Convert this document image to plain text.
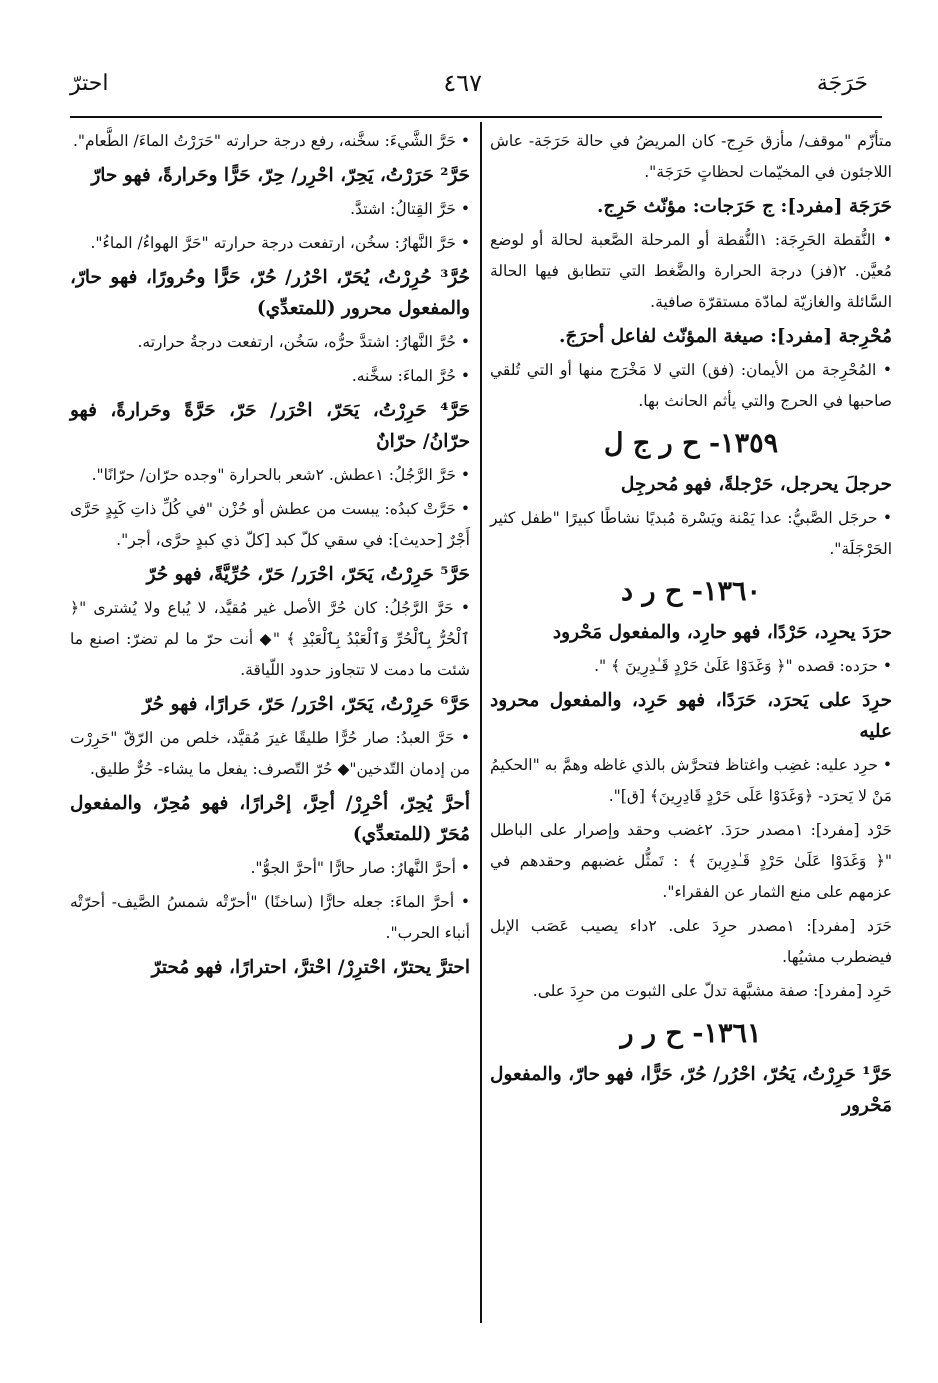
حَرَجَة
٤٦٧
احترّ

متأزّم "موقف/ مأزق حَرِج- كان المريضُ في حالة حَرَجَة- عاش اللاجئون في المخيّمات لحظاتٍ حَرَجَة".

حَرَجَة [مفرد]: ج حَرَجات: مؤنّث حَرِج.

• النُّقطة الحَرِجَة: ١النُّقطة أو المرحلة الصَّعبة لحالة أو لوضع مُعيَّن. ٢(فز) درجة الحرارة والضَّغط التي تتطابق فيها الحالة السَّائلة والغازيّة لمادّة مستقرّة صافية.

مُحْرِجة [مفرد]: صيغة المؤنّث لفاعل أحرَجَ.

• المُحْرِجة من الأيمان: (فق) التي لا مَخْرَج منها أو التي تُلقي صاحبها في الحرج والتي يأثم الحانث بها.

١٣٥٩- ح ر ج ل

حرجلَ يحرجل، حَرْجلةً، فهو مُحرجِل

• حرجَل الصَّبيُّ: عدا يَمْنة ويَسْرة مُبديًا نشاطًا كبيرًا "طفل كثير الحَرْجَلَة".

١٣٦٠- ح ر د

حرَدَ يحرِد، حَرْدًا، فهو حارِد، والمفعول مَحْرود

• حرَده: قصده "﴿ وَغَدَوْا عَلَىٰ حَرْدٍ قَـٰدِرِينَ ﴾ ".

حرِدَ على يَحرَد، حَرَدًا، فهو حَرِد، والمفعول محرود عليه

• حرِد عليه: غضِب واغتاظ فتحرَّش بالذي غاظه وهمَّ به "الحكيمُ مَنْ لا يَحرَد- ﴿وَغَدَوْا عَلَى حَرْدٍ قَادِرِينَ﴾ [ق]".

حَرْد [مفرد]: ١مصدر حرَدَ. ٢غضب وحقد وإصرار على الباطل "﴿ وَغَدَوْا عَلَىٰ حَرْدٍ قَـٰدِرِينَ ﴾ : تَمثُّل غضبهم وحقدهم في عزمهم على منع الثمار عن الفقراء".

حَرَد [مفرد]: ١مصدر حرِدَ على. ٢داء يصيب عَصَب الإبل فيضطرب مشيُها.

حَرِد [مفرد]: صفة مشبَّهة تدلّ على الثبوت من حرِدَ على.

١٣٦١- ح ر ر

حَرَّ¹ حَرِرْتُ، يَحُرّ، احْرُر/ حُرّ، حَرًّا، فهو حارّ، والمفعول مَحْرور

• حَرَّ الشَّيءَ: سخَّنه، رفع درجة حرارته "حَرَرْتُ الماءَ/ الطَّعام".

حَرَّ² حَرَرْتُ، يَحِرّ، احْرِر/ حِرّ، حَرًّا وحَرارةً، فهو حارّ

• حَرَّ القِتالُ: اشتدَّ.

• حَرَّ النَّهارُ: سخُن، ارتفعت درجة حرارته "حَرَّ الهواءُ/ الماءُ".

حُرَّ³ حُرِرْتُ، يُحَرّ، احْرُر/ حُرّ، حَرًّا وحُرورًا، فهو حارّ، والمفعول محرور (للمتعدِّي)

• حُرَّ النَّهارُ: اشتدَّ حرُّه، سَخُن، ارتفعت درجةُ حرارته.

• حُرَّ الماءَ: سخَّنه.

حَرَّ⁴ حَرِرْتُ، يَحَرّ، احْرَر/ حَرّ، حَرَّةً وحَرارةً، فهو حرّانُ/ حرّانٌ

• حَرَّ الرَّجُلُ: ١عطش. ٢شعر بالحرارة "وجده حرّان/ حرّانًا".

• حَرَّتْ كبدُه: يبست من عطش أو حُزْن "في كُلِّ ذاتِ كَبِدٍ حَرَّى أَجْرٌ [حديث]: في سقي كلّ كبد [كلّ ذي كبدٍ حرَّى، أجر".

حَرَّ⁵ حَرِرْتُ، يَحَرّ، احْرَر/ حَرّ، حُرِّيَّةً، فهو حُرّ

• حَرَّ الرَّجُلُ: كان حُرَّ الأصل غير مُقيَّد، لا يُباع ولا يُشترى "﴿ ٱلْحُرُّ بِٱلْحُرِّ وَٱلْعَبْدُ بِٱلْعَبْدِ ﴾ "◆ أنت حرّ ما لم تضرّ: اصنع ما شئت ما دمت لا تتجاوز حدود اللّياقة.

حَرَّ⁶ حَرِرْتُ، يَحَرّ، احْرَر/ حَرّ، حَرارًا، فهو حُرّ

• حَرَّ العبدُ: صار حُرًّا طليقًا غيرَ مُقيَّد، خلص من الرّقّ "حَرِرْت من إدمان التّدخين"◆ حُرّ التّصرف: يفعل ما يشاء- حُرٌّ طليق.

أحرَّ يُحِرّ، أحْرِرْ/ أحِرَّ، إحْرارًا، فهو مُحِرّ، والمفعول مُحَرّ (للمتعدِّي)

• أحرَّ النَّهارُ: صار حارًّا "أحرَّ الجوُّ".

• أحرَّ الماءَ: جعله حارًّا (ساخنًا) "أحرّتْه شمسُ الصَّيف- أحرّتْه أنباء الحرب".

احترَّ يحترّ، احْترِرْ/ احْترَّ، احترارًا، فهو مُحترّ
